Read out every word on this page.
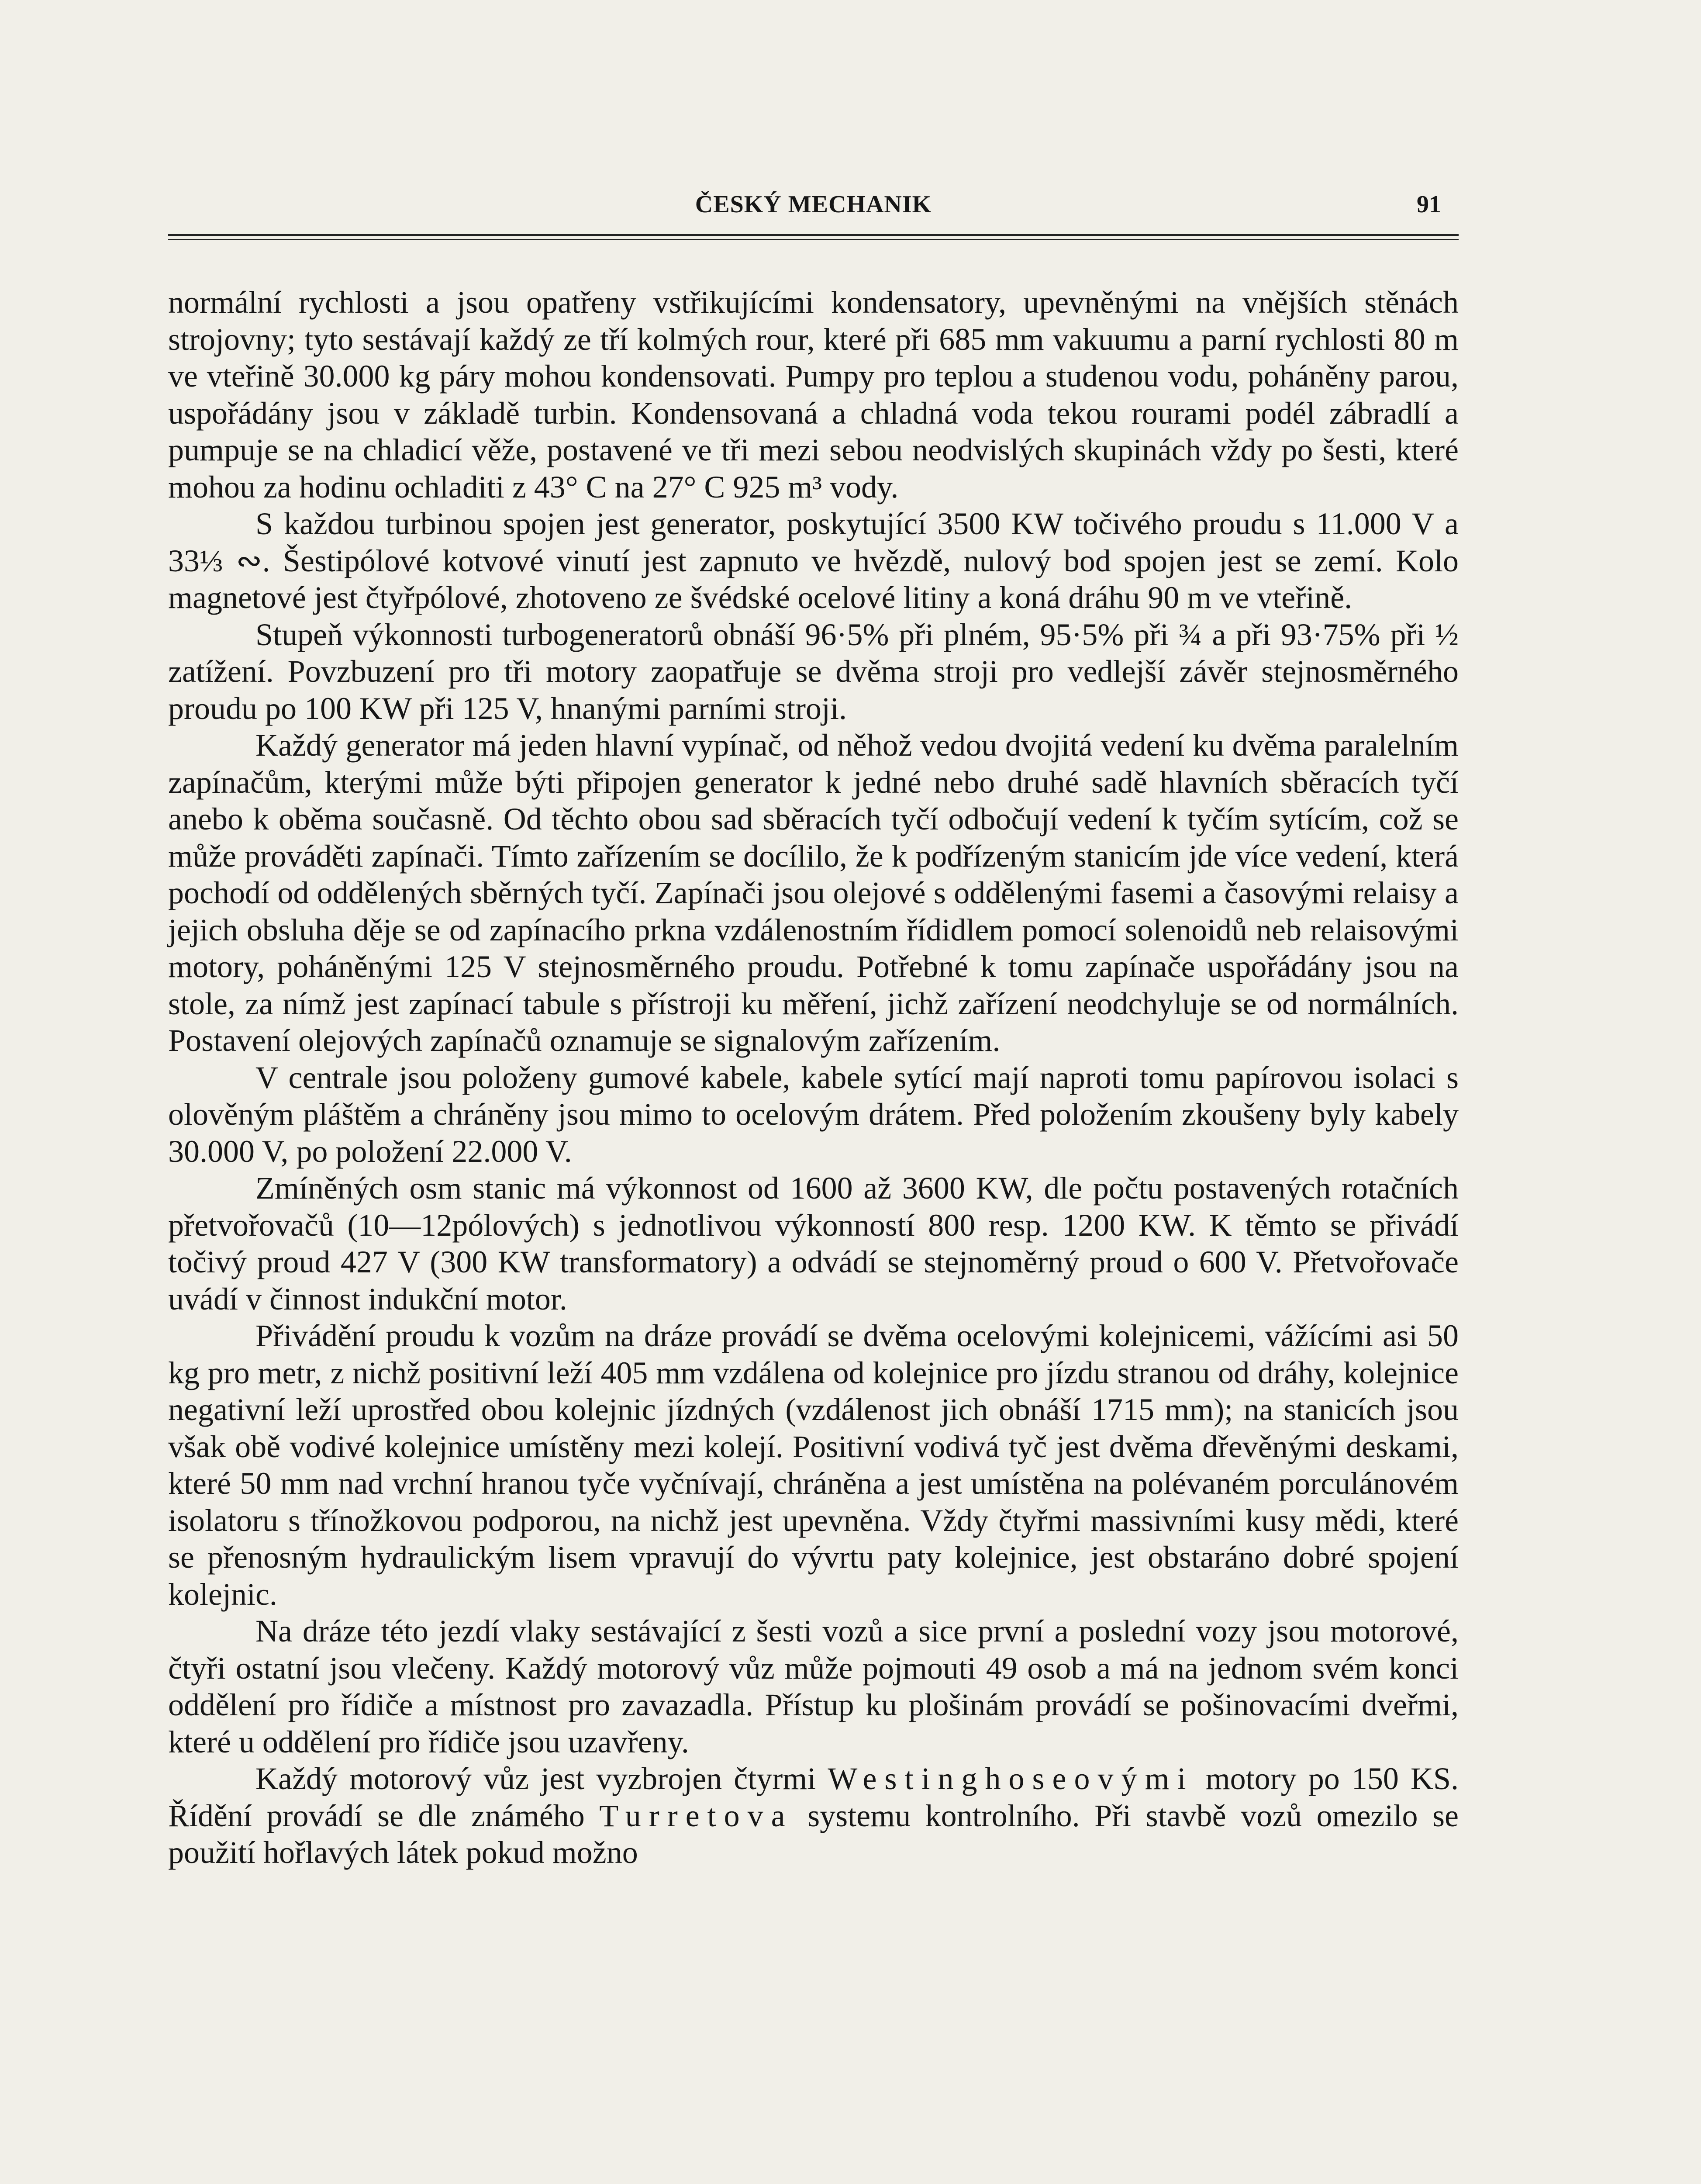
ČESKÝ MECHANIK	91

normální rychlosti a jsou opatřeny vstřikujícími kondensatory, upevněnými na vnějších stěnách strojovny; tyto sestávají každý ze tří kolmých rour, které při 685 mm vakuumu a parní rychlosti 80 m ve vteřině 30.000 kg páry mohou kondensovati. Pumpy pro teplou a studenou vodu, poháněny parou, uspořádány jsou v základě turbin. Kondensovaná a chladná voda tekou rourami podél zábradlí a pumpuje se na chladicí věže, postavené ve tři mezi sebou neodvislých skupinách vždy po šesti, které mohou za hodinu ochladiti z 43° C na 27° C 925 m³ vody.

S každou turbinou spojen jest generator, poskytující 3500 KW točivého proudu s 11.000 V a 33⅓ ∾. Šestipólové kotvové vinutí jest zapnuto ve hvězdě, nulový bod spojen jest se zemí. Kolo magnetové jest čtyřpólové, zhotoveno ze švédské ocelové litiny a koná dráhu 90 m ve vteřině.

Stupeň výkonnosti turbogeneratorů obnáší 96·5% při plném, 95·5% při ¾ a při 93·75% při ½ zatížení. Povzbuzení pro tři motory zaopatřuje se dvěma stroji pro vedlejší závěr stejnosměrného proudu po 100 KW při 125 V, hnanými parními stroji.

Každý generator má jeden hlavní vypínač, od něhož vedou dvojitá vedení ku dvěma paralelním zapínačům, kterými může býti připojen generator k jedné nebo druhé sadě hlavních sběracích tyčí anebo k oběma současně. Od těchto obou sad sběracích tyčí odbočují vedení k tyčím sytícím, což se může prováděti zapínači. Tímto zařízením se docílilo, že k podřízeným stanicím jde více vedení, která pochodí od oddělených sběrných tyčí. Zapínači jsou olejové s oddělenými fasemi a časovými relaisy a jejich obsluha děje se od zapínacího prkna vzdálenostním řídidlem pomocí solenoidů neb relaisovými motory, poháněnými 125 V stejnosměrného proudu. Potřebné k tomu zapínače uspořádány jsou na stole, za nímž jest zapínací tabule s přístroji ku měření, jichž zařízení neodchyluje se od normálních. Postavení olejových zapínačů oznamuje se signalovým zařízením.

V centrale jsou položeny gumové kabele, kabele sytící mají naproti tomu papírovou isolaci s olověným pláštěm a chráněny jsou mimo to ocelovým drátem. Před položením zkoušeny byly kabely 30.000 V, po položení 22.000 V.

Zmíněných osm stanic má výkonnost od 1600 až 3600 KW, dle počtu postavených rotačních přetvořovačů (10—12pólových) s jednotlivou výkonností 800 resp. 1200 KW. K těmto se přivádí točivý proud 427 V (300 KW transformatory) a odvádí se stejnoměrný proud o 600 V. Přetvořovače uvádí v činnost indukční motor.

Přivádění proudu k vozům na dráze provádí se dvěma ocelovými kolejnicemi, vážícími asi 50 kg pro metr, z nichž positivní leží 405 mm vzdálena od kolejnice pro jízdu stranou od dráhy, kolejnice negativní leží uprostřed obou kolejnic jízdných (vzdálenost jich obnáší 1715 mm); na stanicích jsou však obě vodivé kolejnice umístěny mezi kolejí. Positivní vodivá tyč jest dvěma dřevěnými deskami, které 50 mm nad vrchní hranou tyče vyčnívají, chráněna a jest umístěna na polévaném porculánovém isolatoru s třínožkovou podporou, na nichž jest upevněna. Vždy čtyřmi massivními kusy mědi, které se přenosným hydraulickým lisem vpravují do vývrtu paty kolejnice, jest obstaráno dobré spojení kolejnic.

Na dráze této jezdí vlaky sestávající z šesti vozů a sice první a poslední vozy jsou motorové, čtyři ostatní jsou vlečeny. Každý motorový vůz může pojmouti 49 osob a má na jednom svém konci oddělení pro řídiče a místnost pro zavazadla. Přístup ku plošinám provádí se pošinovacími dveřmi, které u oddělení pro řídiče jsou uzavřeny.

Každý motorový vůz jest vyzbrojen čtyrmi Westinghoseovými motory po 150 KS. Řídění provádí se dle známého Turretova systemu kontrolního. Při stavbě vozů omezilo se použití hořlavých látek pokud možno
